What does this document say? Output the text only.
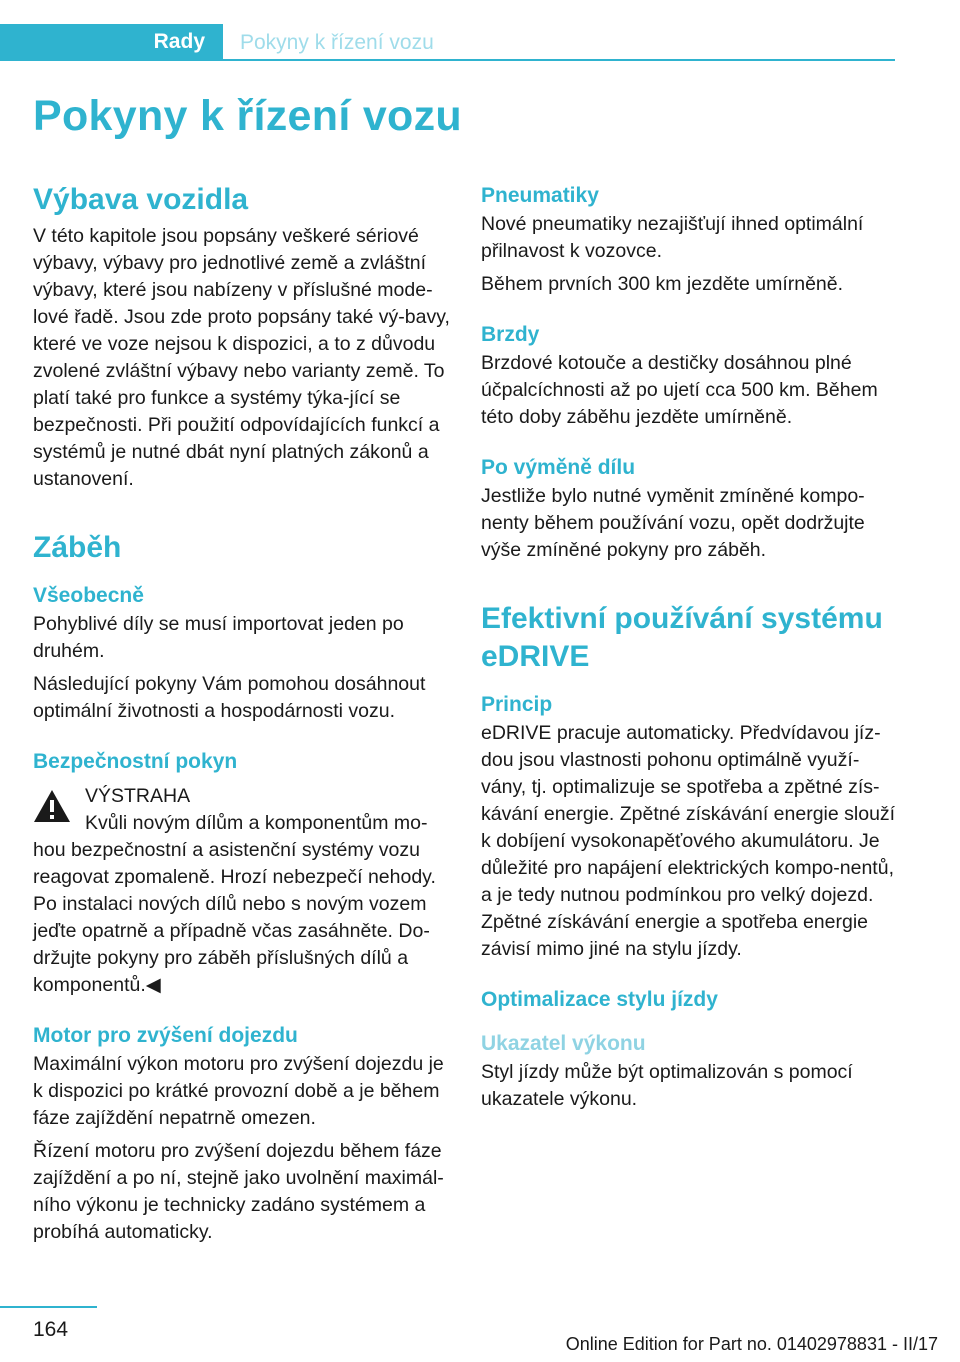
Rady Pokyny k řízení vozu
Pokyny k řízení vozu
Výbava vozidla

V této kapitole jsou popsány veškeré sériové výbavy, výbavy pro jednotlivé země a zvláštní výbavy, které jsou nabízeny v příslušné mode‐lové řadě. Jsou zde proto popsány také vý‐bavy, které ve voze nejsou k dispozici, a to z důvodu zvolené zvláštní výbavy nebo varianty země. To platí také pro funkce a systémy týka‐jící se bezpečnosti. Při použití odpovídajících funkcí a systémů je nutné dbát nyní platných zákonů a ustanovení.

Záběh
Všeobecně

Pohyblivé díly se musí importovat jeden po druhém.

Následující pokyny Vám pomohou dosáhnout optimální životnosti a hospodárnosti vozu.

Bezpečnostní pokyn

VÝSTRAHA

Kvůli novým dílům a komponentům mo‐

hou bezpečnostní a asistenční systémy vozu reagovat zpomaleně. Hrozí nebezpečí nehody. Po instalaci nových dílů nebo s novým vozem jeďte opatrně a případně včas zasáhněte. Do‐držujte pokyny pro záběh příslušných dílů a komponentů.◀

Motor pro zvýšení dojezdu

Maximální výkon motoru pro zvýšení dojezdu je k dispozici po krátké provozní době a je během fáze zajíždění nepatrně omezen.

Řízení motoru pro zvýšení dojezdu během fáze zajíždění a po ní, stejně jako uvolnění maximál‐ního výkonu je technicky zadáno systémem a probíhá automaticky.

Pneumatiky

Nové pneumatiky nezajišťují ihned optimální přilnavost k vozovce.

Během prvních 300 km jezděte umírněně.

Brzdy

Brzdové kotouče a destičky dosáhnou plné účpalcíchnosti až po ujetí cca 500 km. Během této doby záběhu jezděte umírněně.

Po výměně dílu

Jestliže bylo nutné vyměnit zmíněné kompo‐nenty během používání vozu, opět dodržujte výše zmíněné pokyny pro záběh.

Efektivní používání systému eDRIVE
Princip

eDRIVE pracuje automaticky. Předvídavou jíz‐dou jsou vlastnosti pohonu optimálně využí‐vány, tj. optimalizuje se spotřeba a zpětné zís‐kávání energie. Zpětné získávání energie slouží k dobíjení vysokonapěťového akumulátoru. Je důležité pro napájení elektrických kompo‐nentů, a je tedy nutnou podmínkou pro velký dojezd. Zpětné získávání energie a spotřeba energie závisí mimo jiné na stylu jízdy.

Optimalizace stylu jízdy
Ukazatel výkonu

Styl jízdy může být optimalizován s pomocí ukazatele výkonu.

164
Online Edition for Part no. 01402978831 - II/17
